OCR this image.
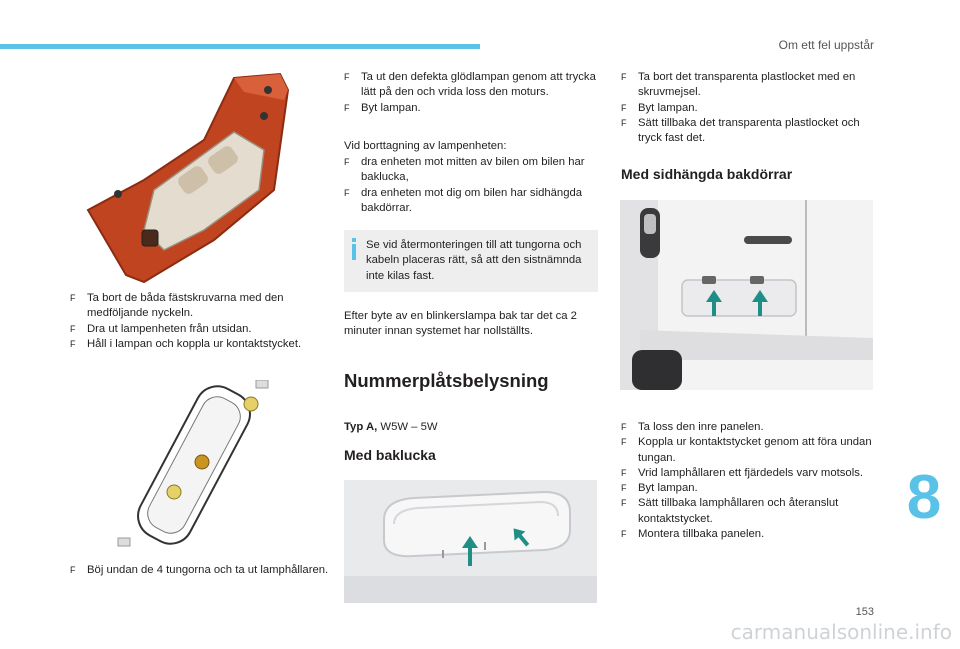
Om ett fel uppstår
8
F Ta bort de båda fästskruvarna med den medföljande nyckeln.
F Dra ut lampenheten från utsidan.
F Håll i lampan och koppla ur kontaktstycket.
F Böj undan de 4 tungorna och ta ut lamphållaren.
F Ta ut den defekta glödlampan genom att trycka lätt på den och vrida loss den moturs.
F Byt lampan.
Vid borttagning av lampenheten:
F dra enheten mot mitten av bilen om bilen har baklucka,
F dra enheten mot dig om bilen har sidhängda bakdörrar.
Se vid återmonteringen till att tungorna och kabeln placeras rätt, så att den sistnämnda inte kilas fast.
Efter byte av en blinkerslampa bak tar det ca 2 minuter innan systemet har nollställts.
Nummerplåtsbelysning
Typ A, W5W – 5W
Med baklucka
F Ta bort det transparenta plastlocket med en skruvmejsel.
F Byt lampan.
F Sätt tillbaka det transparenta plastlocket och tryck fast det.
Med sidhängda bakdörrar
F Ta loss den inre panelen.
F Koppla ur kontaktstycket genom att föra undan tungan.
F Vrid lamphållaren ett fjärdedels varv motsols.
F Byt lampan.
F Sätt tillbaka lamphållaren och återanslut kontaktstycket.
F Montera tillbaka panelen.
153
carmanualsonline.info
